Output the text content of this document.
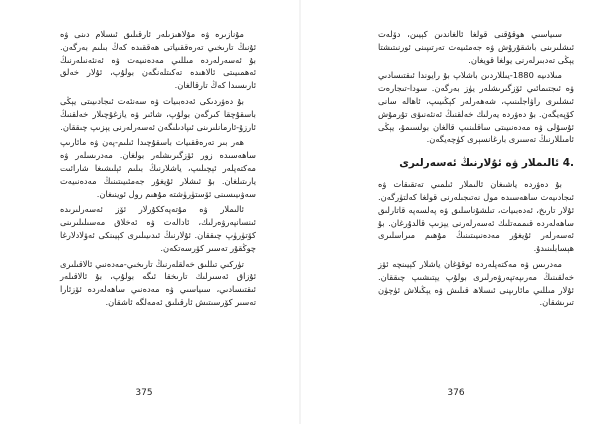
مۇنازىرە ۋە مۇلاھىزىلەر ئارقىلىق ئىسلام دىنى ۋە ئۇنىڭ تارىخىي تەرەققىياتى ھەققىدە كەڭ بىلىم بەرگەن. بۇ ئەسەرلەردە مىللىي مەدەنىيەت ۋە ئەنئەنىلەرنىڭ ئەھمىيىتى ئالاھىدە تەكىتلەنگەن بولۇپ، ئۇلار خەلق ئارىسىدا كەڭ تارقالغان.

بۇ دەۋردىكى ئەدەبىيات ۋە سەنئەت ئىجادىيىتى يېڭى باسقۇچقا كىرگەن بولۇپ، شائىر ۋە يازغۇچىلار خەلقنىڭ ئارزۇ-ئارمانلىرىنى ئىپادىلىگەن ئەسەرلەرنى يېزىپ چىققان.

ھەر بىر تەرەققىيات باسقۇچىدا ئىلىم-پەن ۋە مائارىپ ساھەسىدە زور ئۆزگىرىشلەر بولغان. مەدرىسلەر ۋە مەكتەپلەر ئېچىلىپ، ياشلارنىڭ بىلىم ئېلىشىغا شارائىت يارىتىلغان. بۇ ئىشلار ئۇيغۇر جەمئىيىتىنىڭ مەدەنىيەت سەۋىيىسىنى ئۆستۈرۈشتە مۇھىم رول ئوينىغان.

ئالىملار ۋە مۇتەپەككۇرلار ئۆز ئەسەرلىرىدە ئىنسانپەرۋەرلىك، ئادالەت ۋە ئەخلاق مەسىلىلىرىنى كۆتۈرۈپ چىققان. ئۇلارنىڭ ئىدىيىلىرى كېيىنكى ئەۋلادلارغا چوڭقۇر تەسىر كۆرسەتكەن.

تۈركىي تىللىق خەلقلەرنىڭ تارىخىي-مەدەنىي ئالاقىلىرى ئۇزاق ئەسىرلىك تارىخقا ئىگە بولۇپ، بۇ ئالاقىلەر ئىقتىسادىي، سىياسىي ۋە مەدەنىي ساھەلەردە ئۆزئارا تەسىر كۆرسىتىش ئارقىلىق ئەمەلگە ئاشقان.

375

سىياسىي ھوقۇقنى قولغا ئالغاندىن كېيىن، دۆلەت ئىشلىرىنى باشقۇرۇش ۋە جەمئىيەت تەرتىپىنى ئورنىتىشتا يېڭى تەدبىرلەرنى يولغا قويغان.

مىلادىيە 1880-يىللاردىن باشلاپ بۇ رايوندا ئىقتىسادىي ۋە ئىجتىمائىي ئۆزگىرىشلەر يۈز بەرگەن. سودا-تىجارەت ئىشلىرى راۋاجلىنىپ، شەھەرلەر كېڭىيىپ، ئاھالە سانى كۆپەيگەن. بۇ دەۋردە يەرلىك خەلقنىڭ ئەنئەنىۋى تۇرمۇش ئۇسۇلى ۋە مەدەنىيىتى ساقلىنىپ قالغان بولسىمۇ، يېڭى ئامىللارنىڭ تەسىرى بارغانسېرى كۈچەيگەن.

4. ئالىملار ۋە ئۇلارنىڭ ئەسەرلىرى

بۇ دەۋردە ياشىغان ئالىملار ئىلمىي تەتقىقات ۋە ئىجادىيەت ساھەسىدە مول نەتىجىلەرنى قولغا كەلتۈرگەن. ئۇلار تارىخ، ئەدەبىيات، تىلشۇناسلىق ۋە پەلسەپە قاتارلىق ساھەلەردە قىممەتلىك ئەسەرلەرنى يېزىپ قالدۇرغان. بۇ ئەسەرلەر ئۇيغۇر مەدەنىيىتىنىڭ مۇھىم مىراسلىرى ھېسابلىنىدۇ.

مەدرىس ۋە مەكتەپلەردە ئوقۇغان ياشلار كېيىنچە ئۆز خەلقىنىڭ مەرىپەتپەرۋەرلىرى بولۇپ يېتىشىپ چىققان. ئۇلار مىللىي مائارىپنى ئىسلاھ قىلىش ۋە يېڭىلاش ئۈچۈن تىرىشقان.

376
